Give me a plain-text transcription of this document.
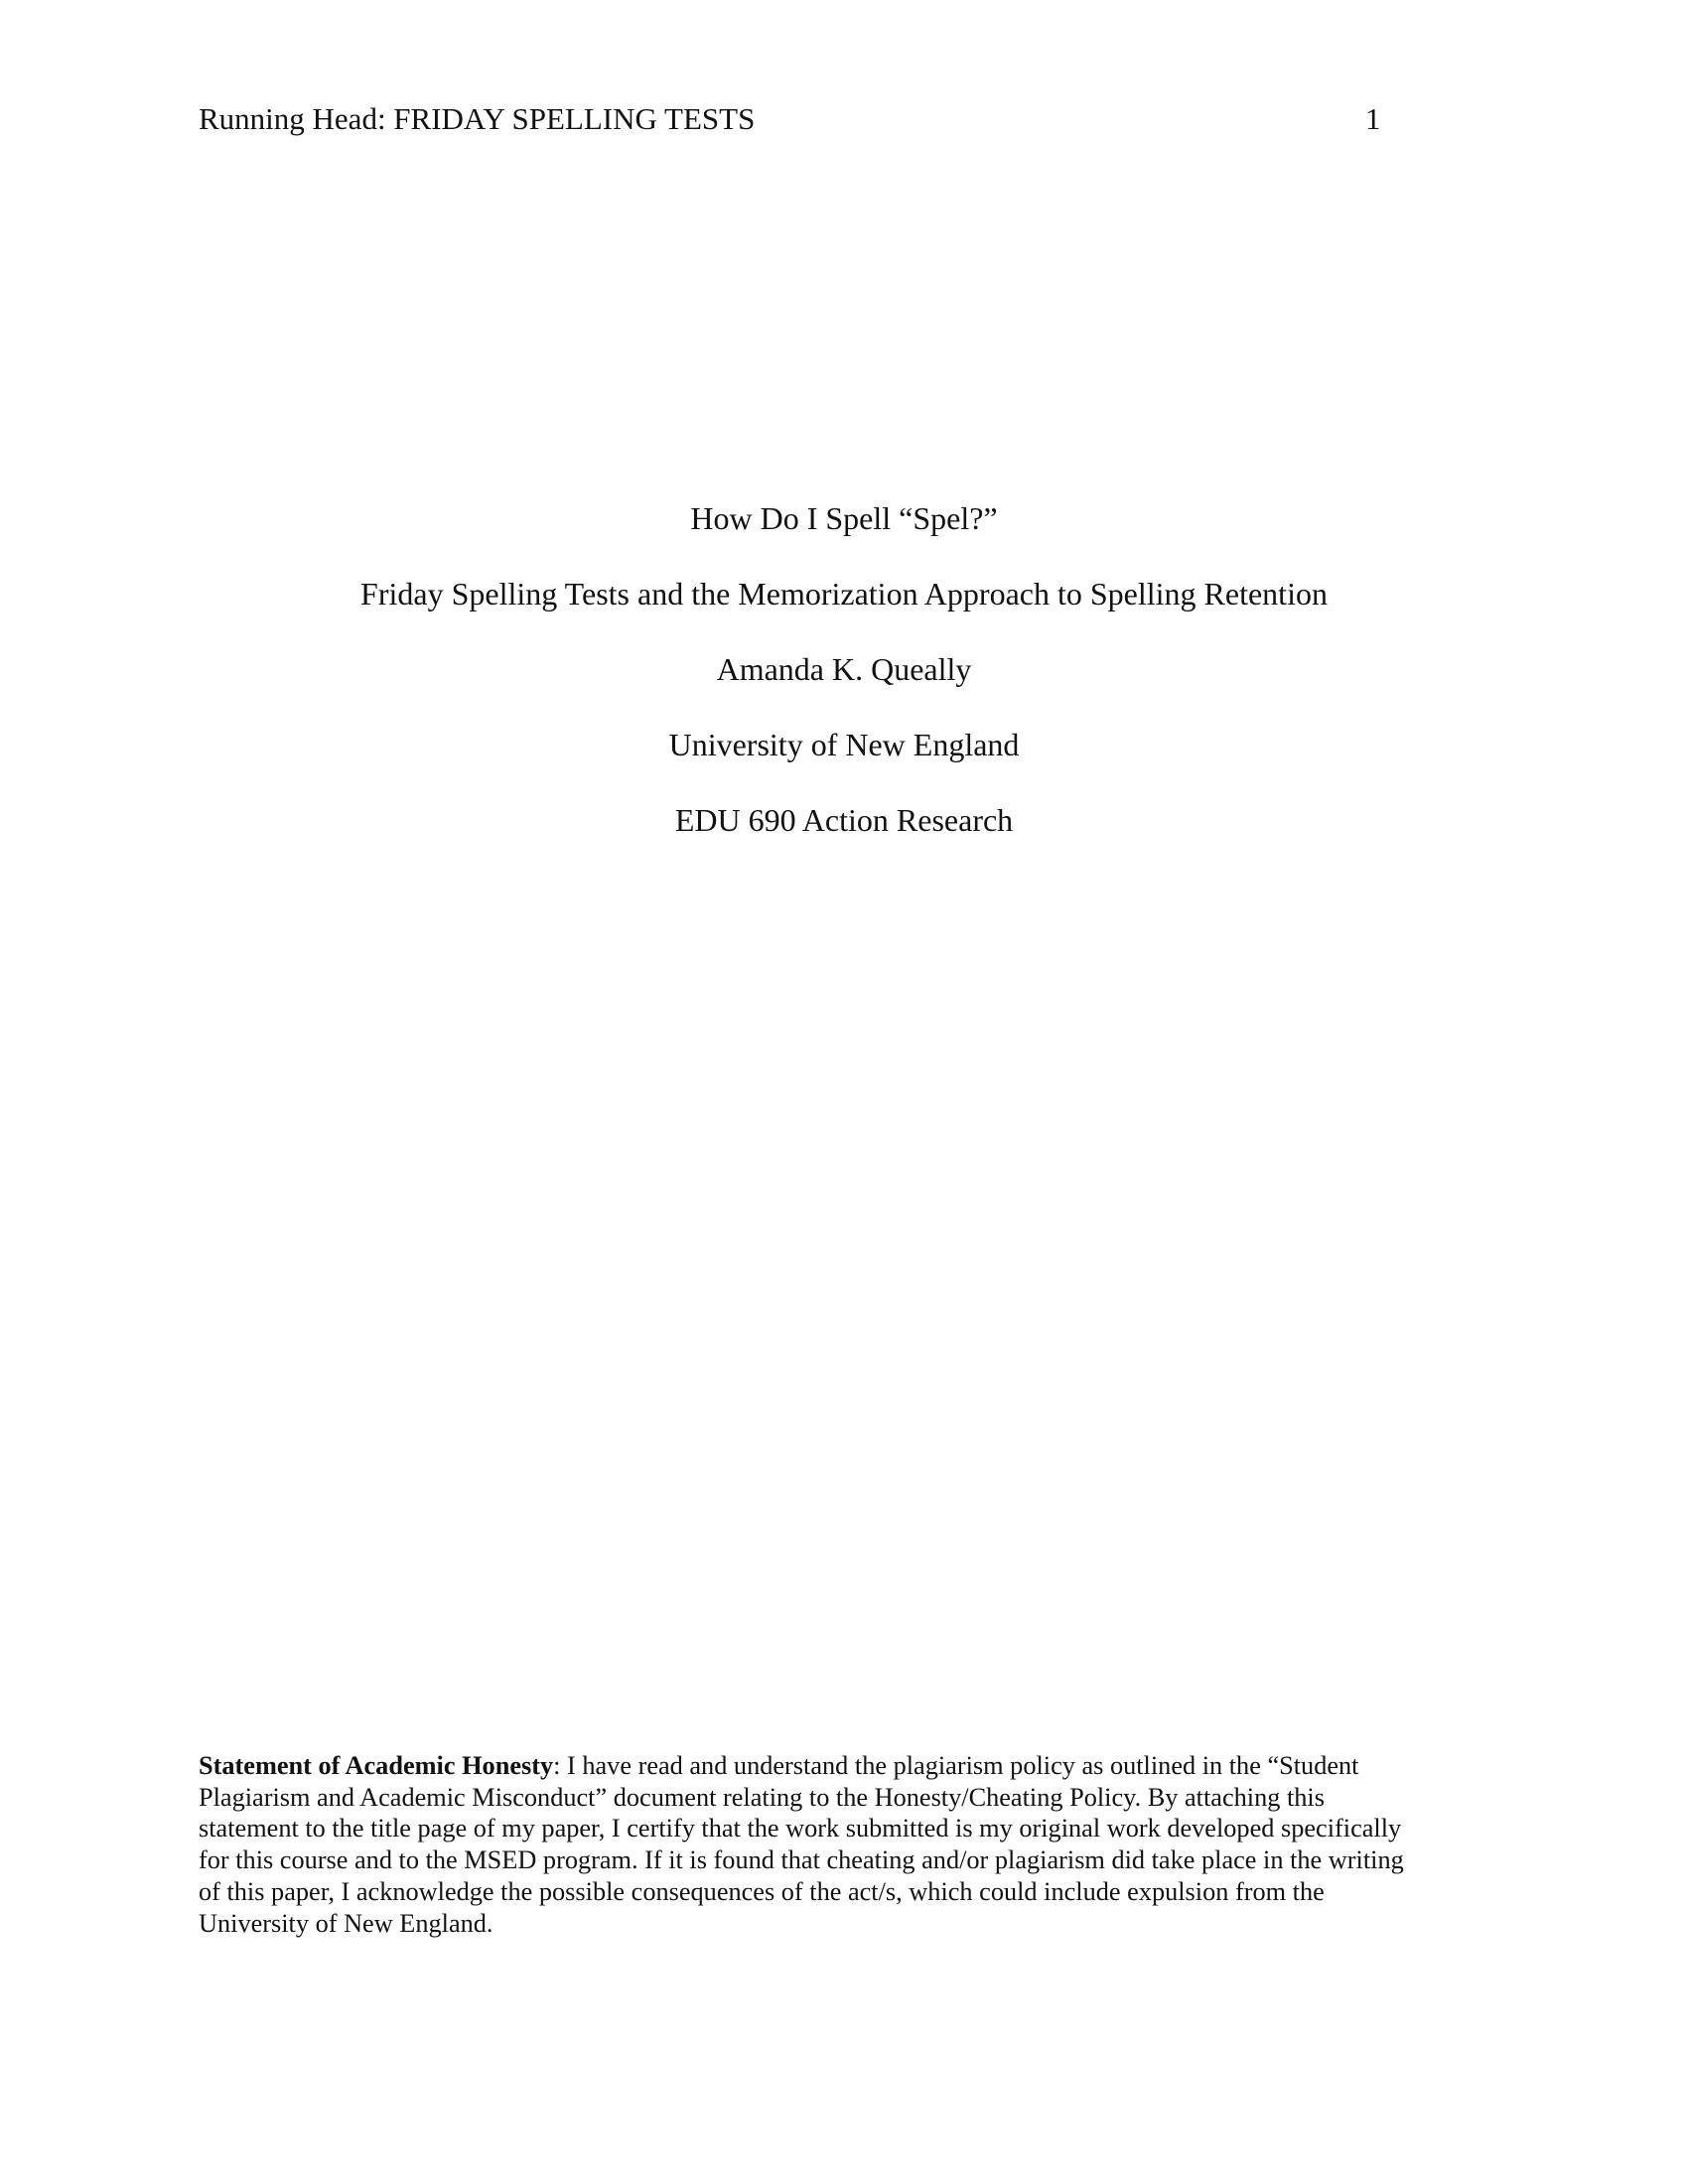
Running Head: FRIDAY SPELLING TESTS	1
How Do I Spell “Spel?”
Friday Spelling Tests and the Memorization Approach to Spelling Retention
Amanda K. Queally
University of New England
EDU 690 Action Research
Statement of Academic Honesty: I have read and understand the plagiarism policy as outlined in the “Student
Plagiarism and Academic Misconduct” document relating to the Honesty/Cheating Policy. By attaching this
statement to the title page of my paper, I certify that the work submitted is my original work developed specifically
for this course and to the MSED program. If it is found that cheating and/or plagiarism did take place in the writing
of this paper, I acknowledge the possible consequences of the act/s, which could include expulsion from the
University of New England.
